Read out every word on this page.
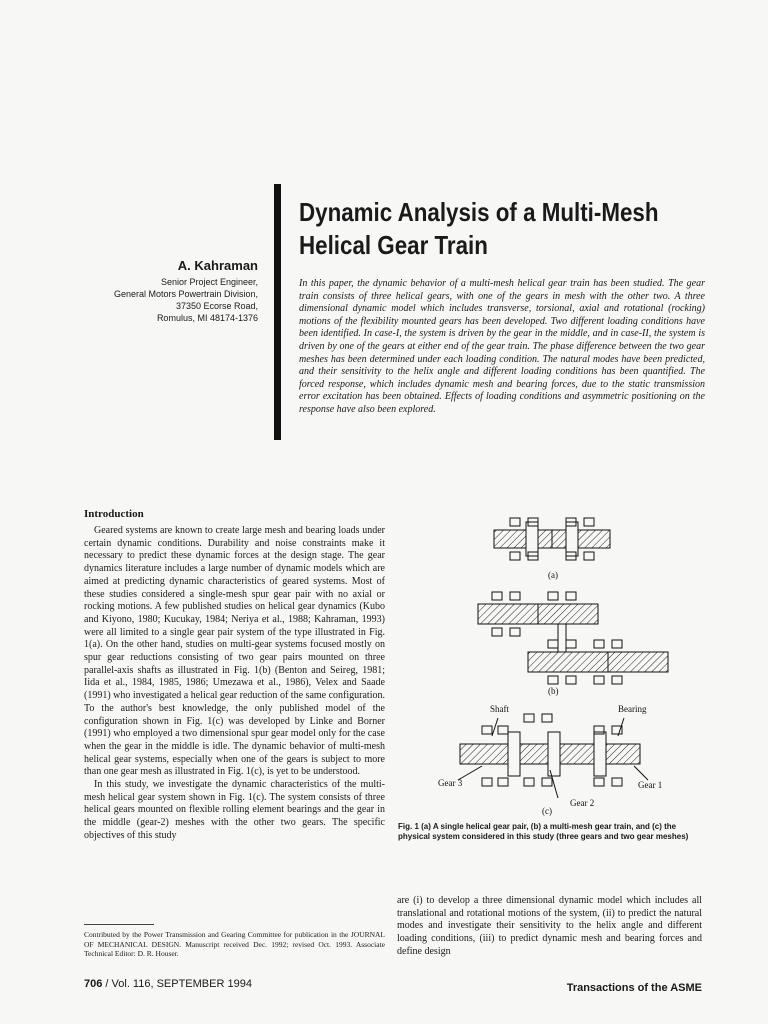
Dynamic Analysis of a Multi-Mesh
Helical Gear Train
A. Kahraman
Senior Project Engineer,
General Motors Powertrain Division,
37350 Ecorse Road,
Romulus, MI 48174-1376
In this paper, the dynamic behavior of a multi-mesh helical gear train has been studied. The gear train consists of three helical gears, with one of the gears in mesh with the other two. A three dimensional dynamic model which includes transverse, torsional, axial and rotational (rocking) motions of the flexibility mounted gears has been developed. Two different loading conditions have been identified. In case-I, the system is driven by the gear in the middle, and in case-II, the system is driven by one of the gears at either end of the gear train. The phase difference between the two gear meshes has been determined under each loading condition. The natural modes have been predicted, and their sensitivity to the helix angle and different loading conditions has been quantified. The forced response, which includes dynamic mesh and bearing forces, due to the static transmission error excitation has been obtained. Effects of loading conditions and asymmetric positioning on the response have also been explored.
Introduction

Geared systems are known to create large mesh and bearing loads under certain dynamic conditions. Durability and noise constraints make it necessary to predict these dynamic forces at the design stage. The gear dynamics literature includes a large number of dynamic models which are aimed at predicting dynamic characteristics of geared systems. Most of these studies considered a single-mesh spur gear pair with no axial or rocking motions. A few published studies on helical gear dynamics (Kubo and Kiyono, 1980; Kucukay, 1984; Neriya et al., 1988; Kahraman, 1993) were all limited to a single gear pair system of the type illustrated in Fig. 1(a). On the other hand, studies on multi-gear systems focused mostly on spur gear reductions consisting of two gear pairs mounted on three parallel-axis shafts as illustrated in Fig. 1(b) (Benton and Seireg, 1981; Iida et al., 1984, 1985, 1986; Umezawa et al., 1986), Velex and Saade (1991) who investigated a helical gear reduction of the same configuration. To the author's best knowledge, the only published model of the configuration shown in Fig. 1(c) was developed by Linke and Borner (1991) who employed a two dimensional spur gear model only for the case when the gear in the middle is idle. The dynamic behavior of multi-mesh helical gear systems, especially when one of the gears is subject to more than one gear mesh as illustrated in Fig. 1(c), is yet to be understood.

In this study, we investigate the dynamic characteristics of the multi-mesh helical gear system shown in Fig. 1(c). The system consists of three helical gears mounted on flexible rolling element bearings and the gear in the middle (gear-2) meshes with the other two gears. The specific objectives of this study

Contributed by the Power Transmission and Gearing Committee for publication in the JOURNAL OF MECHANICAL DESIGN. Manuscript received Dec. 1992; revised Oct. 1993. Associate Technical Editor: D. R. Houser.
(a)
(b)
Shaft	Bearing
Gear 3	Gear 1
Gear 2
(c)
Fig. 1 (a) A single helical gear pair, (b) a multi-mesh gear train, and (c) the physical system considered in this study (three gears and two gear meshes)

are (i) to develop a three dimensional dynamic model which includes all translational and rotational motions of the system, (ii) to predict the natural modes and investigate their sensitivity to the helix angle and different loading conditions, (iii) to predict dynamic mesh and bearing forces and define design

706 / Vol. 116, SEPTEMBER 1994	Transactions of the ASME
